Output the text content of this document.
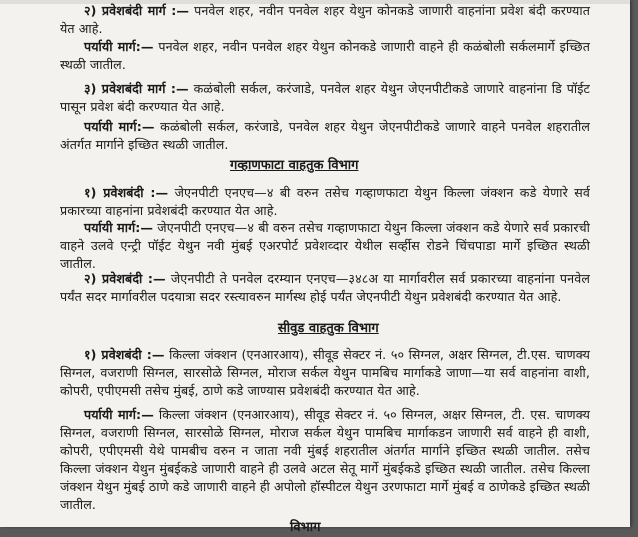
२) प्रवेशबंदी मार्ग :— पनवेल शहर, नवीन पनवेल शहर येथुन कोनकडे जाणारी वाहनांना प्रवेश बंदी करण्यात येत आहे.
पर्यायी मार्ग:— पनवेल शहर, नवीन पनवेल शहर येथुन कोनकडे जाणारी वाहने ही कळंबोली सर्कलमार्गे इच्छित स्थळी जातील.
३) प्रवेशबंदी मार्ग :— कळंबोली सर्कल, करंजाडे, पनवेल शहर येथुन जेएनपीटीकडे जाणारे वाहनांना डि पॉईट पासून प्रवेश बंदी करण्यात येत आहे.
पर्यायी मार्ग:— कळंबोली सर्कल, करंजाडे, पनवेल शहर येथुन जेएनपीटीकडे जाणारे वाहने पनवेल शहरातील अंतर्गत मार्गाने इच्छित स्थळी जातील.
गव्हाणफाटा वाहतुक विभाग
१) प्रवेशबंदी :— जेएनपीटी एनएच—४ बी वरुन तसेच गव्हाणफाटा येथुन किल्ला जंक्शन कडे येणारे सर्व प्रकारच्या वाहनांना प्रवेशबंदी करण्यात येत आहे.
पर्यायी मार्ग:— जेएनपीटी एनएच—४ बी वरुन तसेच गव्हाणफाटा येथुन किल्ला जंक्शन कडे येणारे सर्व प्रकारची वाहने उलवे एन्ट्री पॉईट येथुन नवी मुंबई एअरपोर्ट प्रवेशव्दार येथील सर्व्हीस रोडने चिंचपाडा मार्गे इच्छित स्थळी जातील.
२) प्रवेशबंदी :— जेएनपीटी ते पनवेल दरम्यान एनएच—३४८अ या मार्गावरील सर्व प्रकारच्या वाहनांना पनवेल पर्यंत सदर मार्गावरील पदयात्रा सदर रस्त्यावरुन मार्गस्थ होई पर्यंत जेएनपीटी येथुन प्रवेशबंदी करण्यात येत आहे.
सीवुड वाहतुक विभाग
१) प्रवेशबंदी :— किल्ला जंक्शन (एनआरआय), सीवूड सेक्टर नं. ५० सिग्नल, अक्षर सिग्नल, टी.एस. चाणक्य सिग्नल, वजराणी सिग्नल, सारसोळे सिग्नल, मोराज सर्कल येथुन पामबिच मार्गाकडे जाणा—या सर्व वाहनांना वाशी, कोपरी, एपीएमसी तसेच मुंबई, ठाणे कडे जाण्यास प्रवेशबंदी करण्यात येत आहे.
पर्यायी मार्ग:— किल्ला जंक्शन (एनआरआय), सीवूड सेक्टर नं. ५० सिग्नल, अक्षर सिग्नल, टी. एस. चाणक्य सिग्नल, वजराणी सिग्नल, सारसोळे सिग्नल, मोराज सर्कल येथुन पामबिच मार्गाकडन जाणारी सर्व वाहने ही वाशी, कोपरी, एपीएमसी येथे पामबीच वरुन न जाता नवी मुंबई शहरातील अंतर्गत मार्गाने इच्छित स्थळी जातील. तसेच किल्ला जंक्शन येथुन मुंबईकडे जाणारी वाहने ही उलवे अटल सेतू मार्गे मुंबईकडे इच्छित स्थळी जातील. तसेच किल्ला जंक्शन येथुन मुंबई ठाणे कडे जाणारी वाहने ही अपोलो हॉस्पीटल येथुन उरणफाटा मार्गे मुंबई व ठाणेकडे इच्छित स्थळी जातील.
विभाग
